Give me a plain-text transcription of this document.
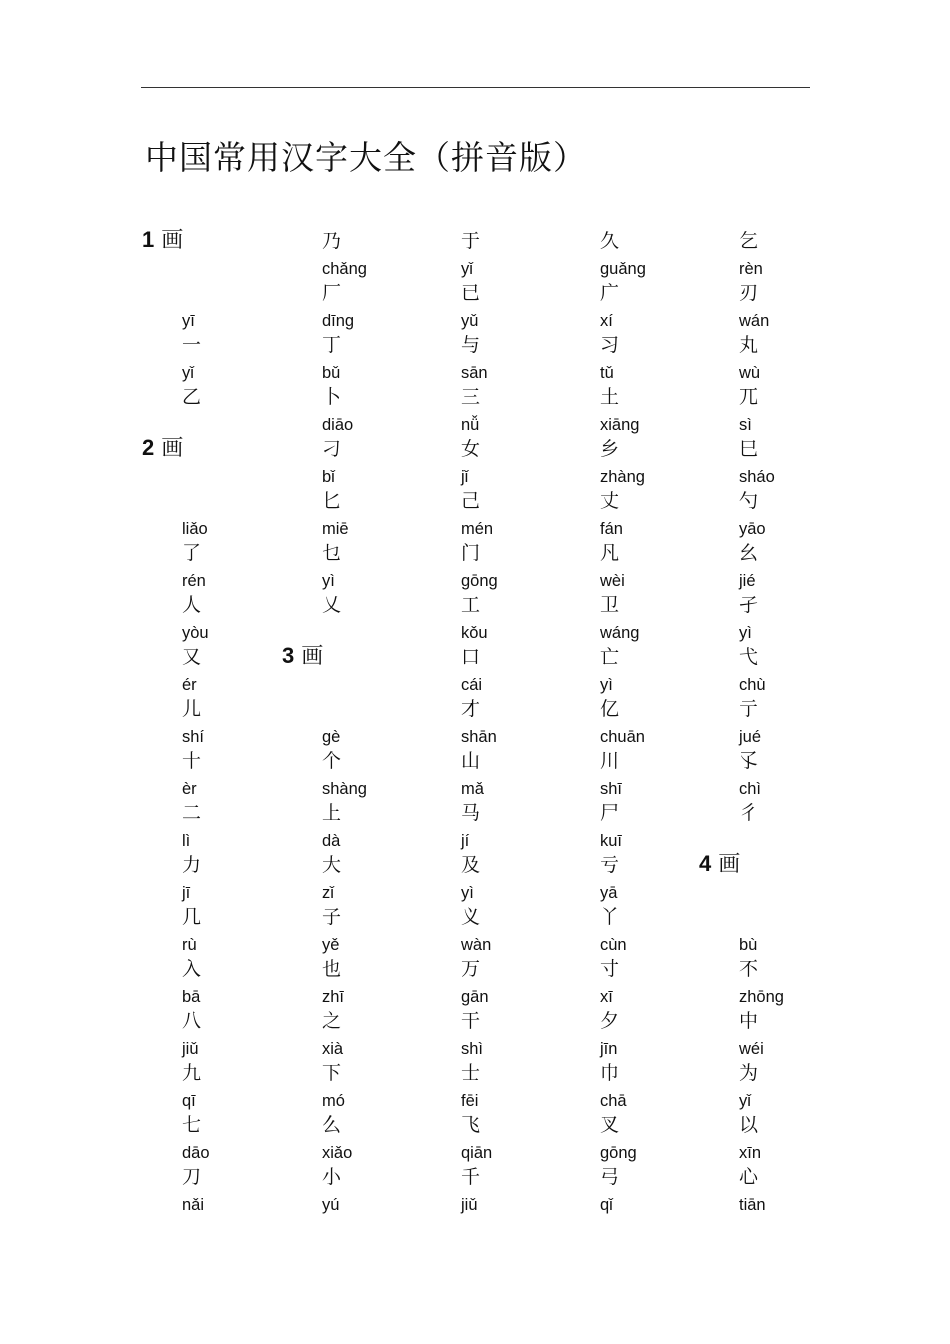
中国常用汉字大全（拼音版）
1 画
yī
一
yǐ
乙
2 画
liǎo
了
rén
人
yòu
又
ér
儿
shí
十
èr
二
lì
力
jī
几
rù
入
bā
八
jiǔ
九
qī
七
dāo
刀
nǎi
乃
chǎng
厂
dīng
丁
bǔ
卜
diāo
刁
bǐ
匕
miē
乜
yì
乂
3 画
gè
个
shàng
上
dà
大
zǐ
子
yě
也
zhī
之
xià
下
mó
么
xiǎo
小
yú
于
yǐ
已
yǔ
与
sān
三
nǚ
女
jǐ
己
mén
门
gōng
工
kǒu
口
cái
才
shān
山
mǎ
马
jí
及
yì
义
wàn
万
gān
干
shì
士
fēi
飞
qiān
千
jiǔ
久
guǎng
广
xí
习
tǔ
土
xiāng
乡
zhàng
丈
fán
凡
wèi
卫
wáng
亡
yì
亿
chuān
川
shī
尸
kuī
亏
yā
丫
cùn
寸
xī
夕
jīn
巾
chā
叉
gōng
弓
qǐ
乞
rèn
刃
wán
丸
wù
兀
sì
巳
sháo
勺
yāo
幺
jié
孑
yì
弋
chù
亍
jué
孓
chì
彳
4 画
bù
不
zhōng
中
wéi
为
yǐ
以
xīn
心
tiān
